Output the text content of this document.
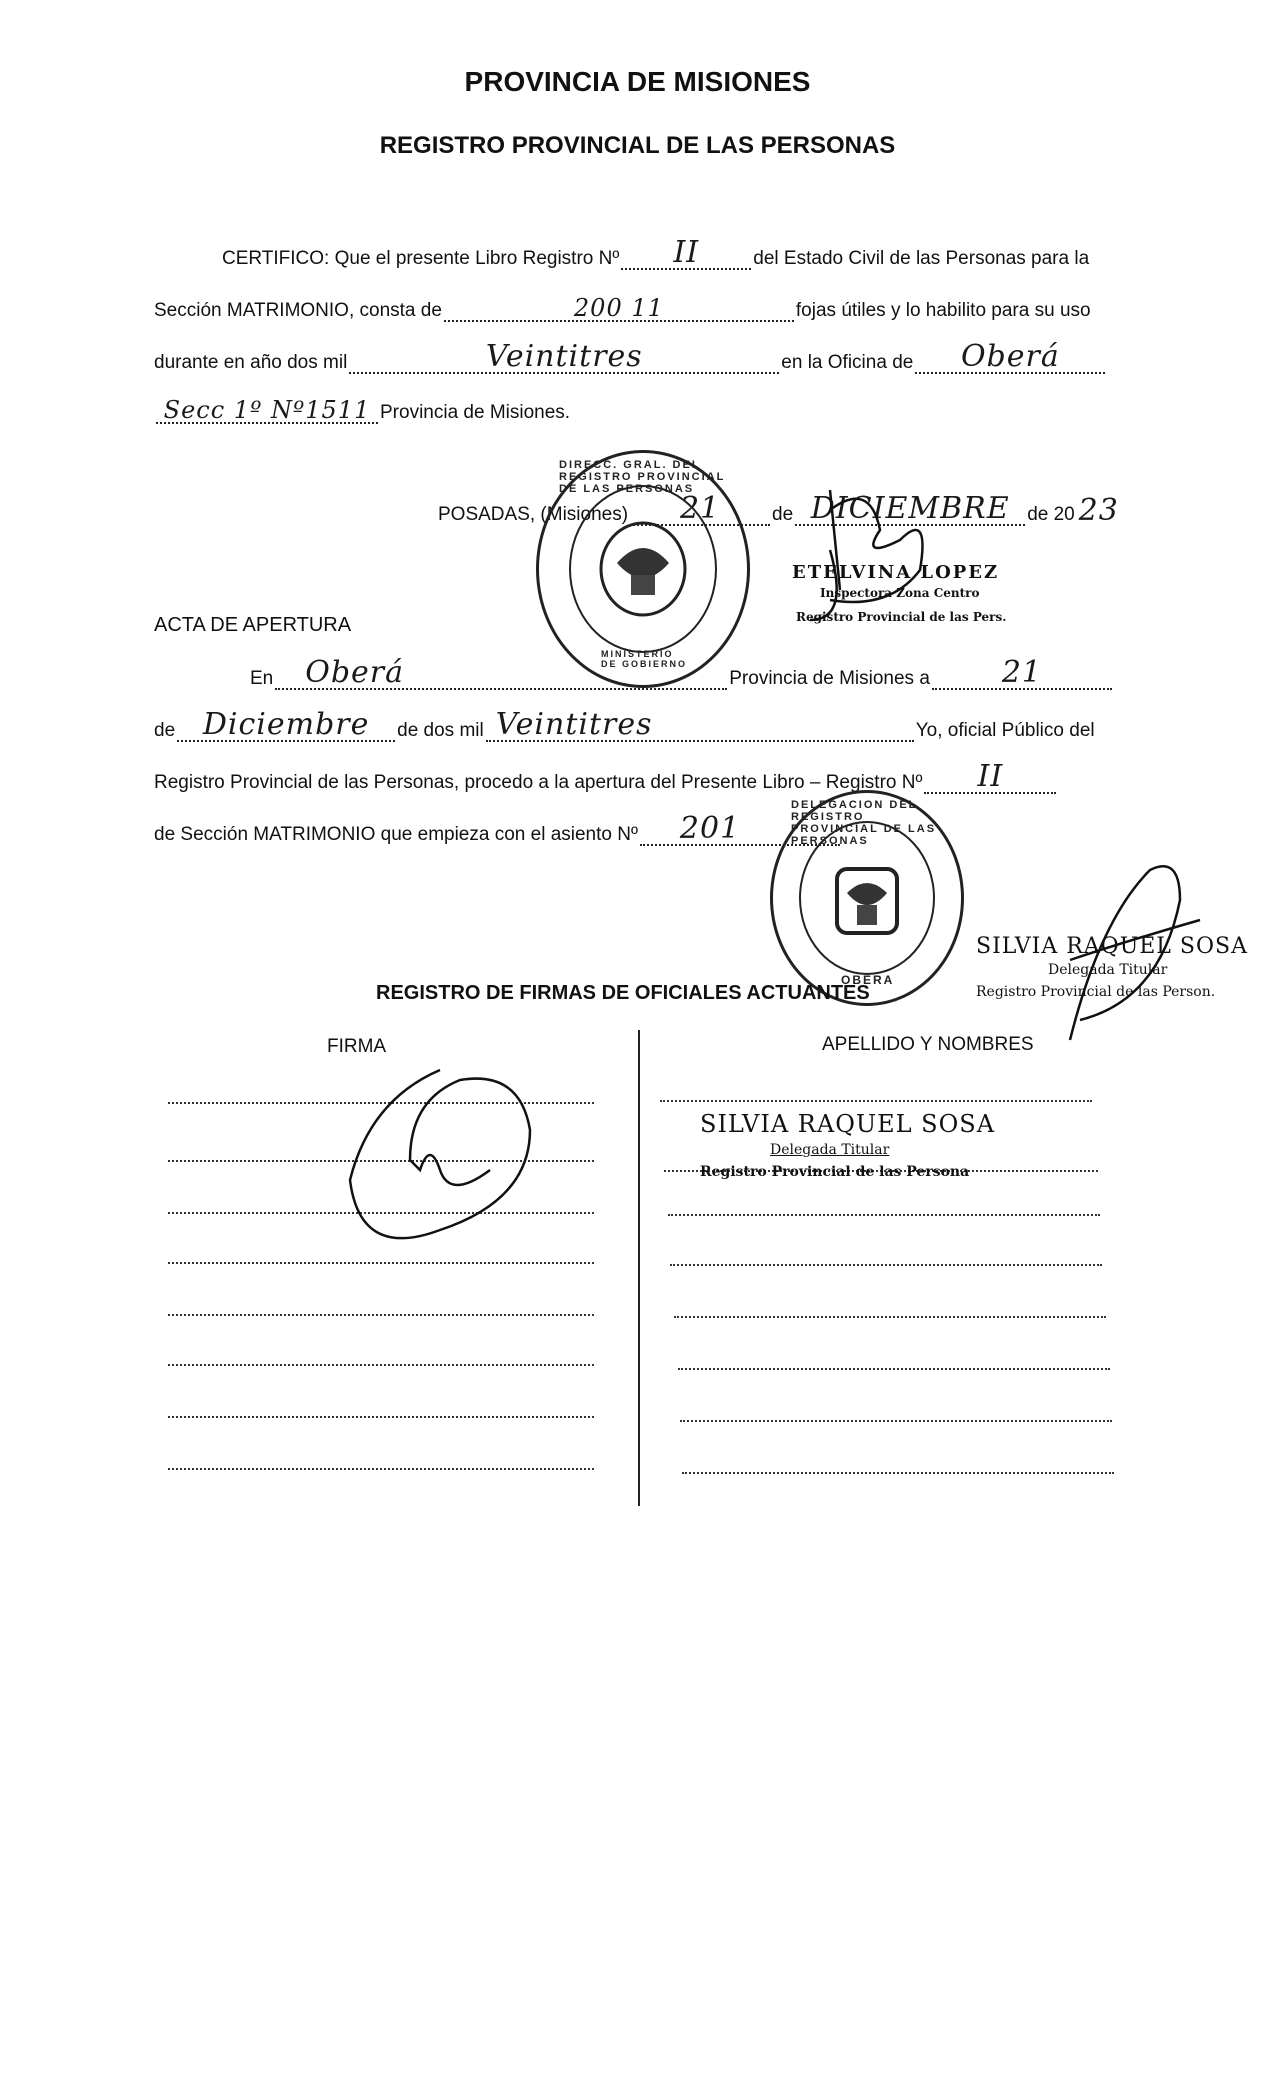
PROVINCIA DE MISIONES
REGISTRO PROVINCIAL DE LAS PERSONAS
CERTIFICO: Que el presente Libro Registro Nº	II	del Estado Civil de las Personas para la
Sección MATRIMONIO, consta de	200 11	fojas útiles y lo habilito para su uso
durante en año dos mil	Veintitres	en la Oficina de	Oberá
Secc 1º Nº1511 Provincia de Misiones.
POSADAS, (Misiones)	21	de DICIEMBRE de 20 23
DIRECC. GRAL. DEL REGISTRO PROVINCIAL DE LAS PERSONAS
MINISTERIO DE GOBIERNO
ETELVINA LOPEZ
Inspectora Zona Centro
Registro Provincial de las Pers.
ACTA DE APERTURA
En	Oberá	Provincia de Misiones a	21
de Diciembre	de dos mil Veintitres	Yo, oficial Público del
Registro Provincial de las Personas, procedo a la apertura del Presente Libro – Registro Nº	II
de Sección MATRIMONIO que empieza con el asiento Nº	201
DELEGACION DEL REGISTRO PROVINCIAL DE LAS PERSONAS
OBERA
SILVIA RAQUEL SOSA
Delegada Titular
Registro Provincial de las Person.
REGISTRO DE FIRMAS DE OFICIALES ACTUANTES
FIRMA	APELLIDO Y NOMBRES
SILVIA RAQUEL SOSA
Delegada Titular
Registro Provincial de las Persona
